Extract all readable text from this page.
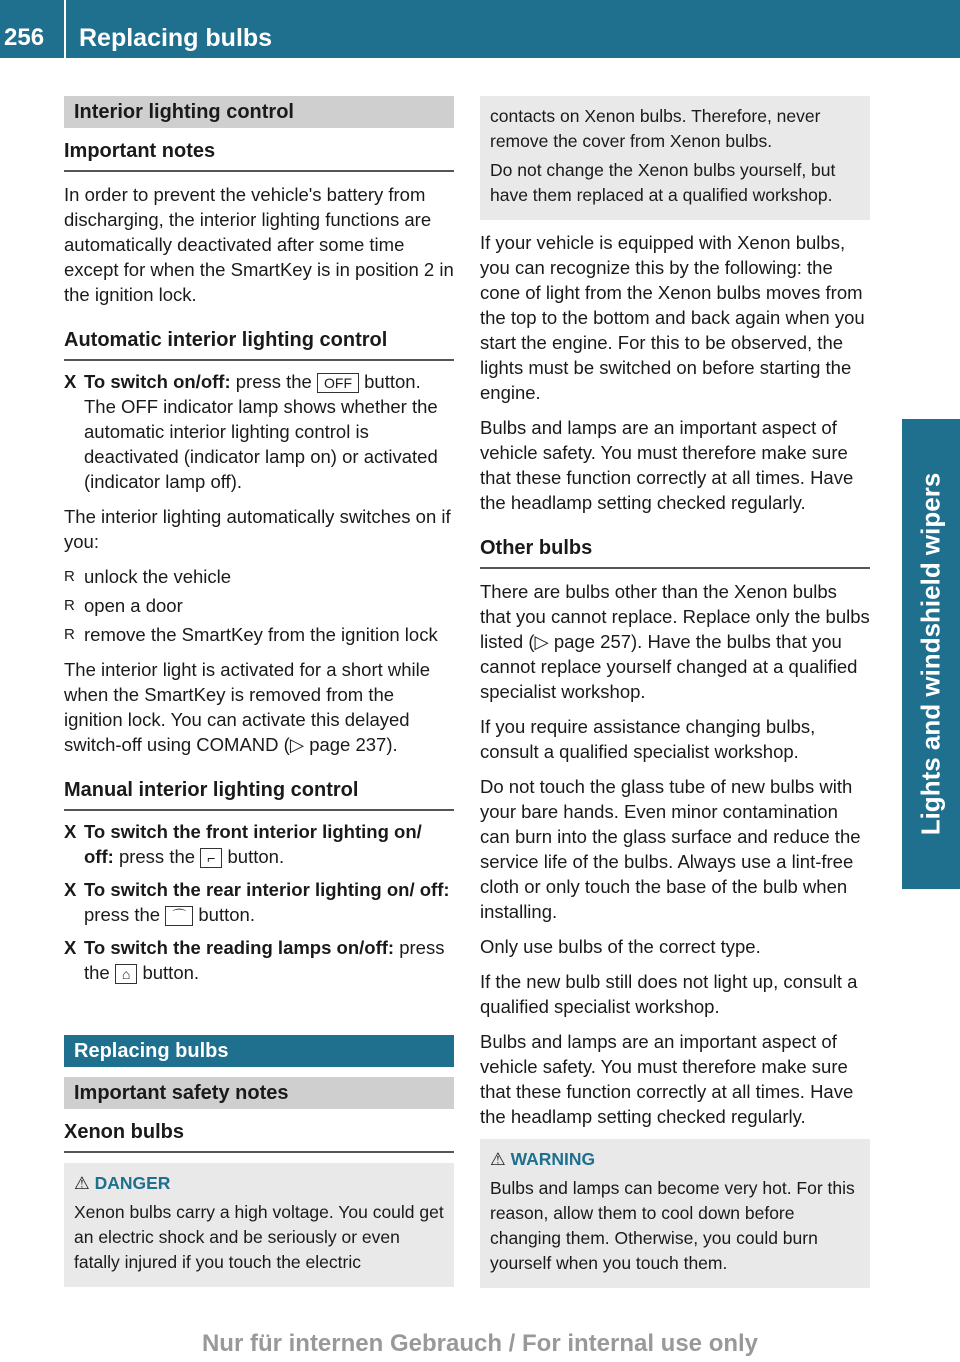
256	Replacing bulbs
Lights and windshield wipers
Interior lighting control
Important notes

In order to prevent the vehicle's battery from discharging, the interior lighting functions are automatically deactivated after some time except for when the SmartKey is in position 2 in the ignition lock.

Automatic interior lighting control
X To switch on/off: press the OFF button. The OFF indicator lamp shows whether the automatic interior lighting control is deactivated (indicator lamp on) or activated (indicator lamp off).

The interior lighting automatically switches on if you:

R unlock the vehicle
R open a door
R remove the SmartKey from the ignition lock

The interior light is activated for a short while when the SmartKey is removed from the ignition lock. You can activate this delayed switch-off using COMAND (▷ page 237).

Manual interior lighting control
X To switch the front interior lighting on/ off: press the ⌐ button.
X To switch the rear interior lighting on/ off: press the ⌒ button.
X To switch the reading lamps on/off: press the ⌂ button.
Replacing bulbs
Important safety notes
Xenon bulbs

⚠ DANGER

Xenon bulbs carry a high voltage. You could get an electric shock and be seriously or even fatally injured if you touch the electric

contacts on Xenon bulbs. Therefore, never remove the cover from Xenon bulbs.

Do not change the Xenon bulbs yourself, but have them replaced at a qualified workshop.

If your vehicle is equipped with Xenon bulbs, you can recognize this by the following: the cone of light from the Xenon bulbs moves from the top to the bottom and back again when you start the engine. For this to be observed, the lights must be switched on before starting the engine.

Bulbs and lamps are an important aspect of vehicle safety. You must therefore make sure that these function correctly at all times. Have the headlamp setting checked regularly.

Other bulbs

There are bulbs other than the Xenon bulbs that you cannot replace. Replace only the bulbs listed (▷ page 257). Have the bulbs that you cannot replace yourself changed at a qualified specialist workshop.

If you require assistance changing bulbs, consult a qualified specialist workshop.

Do not touch the glass tube of new bulbs with your bare hands. Even minor contamination can burn into the glass surface and reduce the service life of the bulbs. Always use a lint-free cloth or only touch the base of the bulb when installing.

Only use bulbs of the correct type.

If the new bulb still does not light up, consult a qualified specialist workshop.

Bulbs and lamps are an important aspect of vehicle safety. You must therefore make sure that these function correctly at all times. Have the headlamp setting checked regularly.

⚠ WARNING

Bulbs and lamps can become very hot. For this reason, allow them to cool down before changing them. Otherwise, you could burn yourself when you touch them.

Nur für internen Gebrauch / For internal use only
